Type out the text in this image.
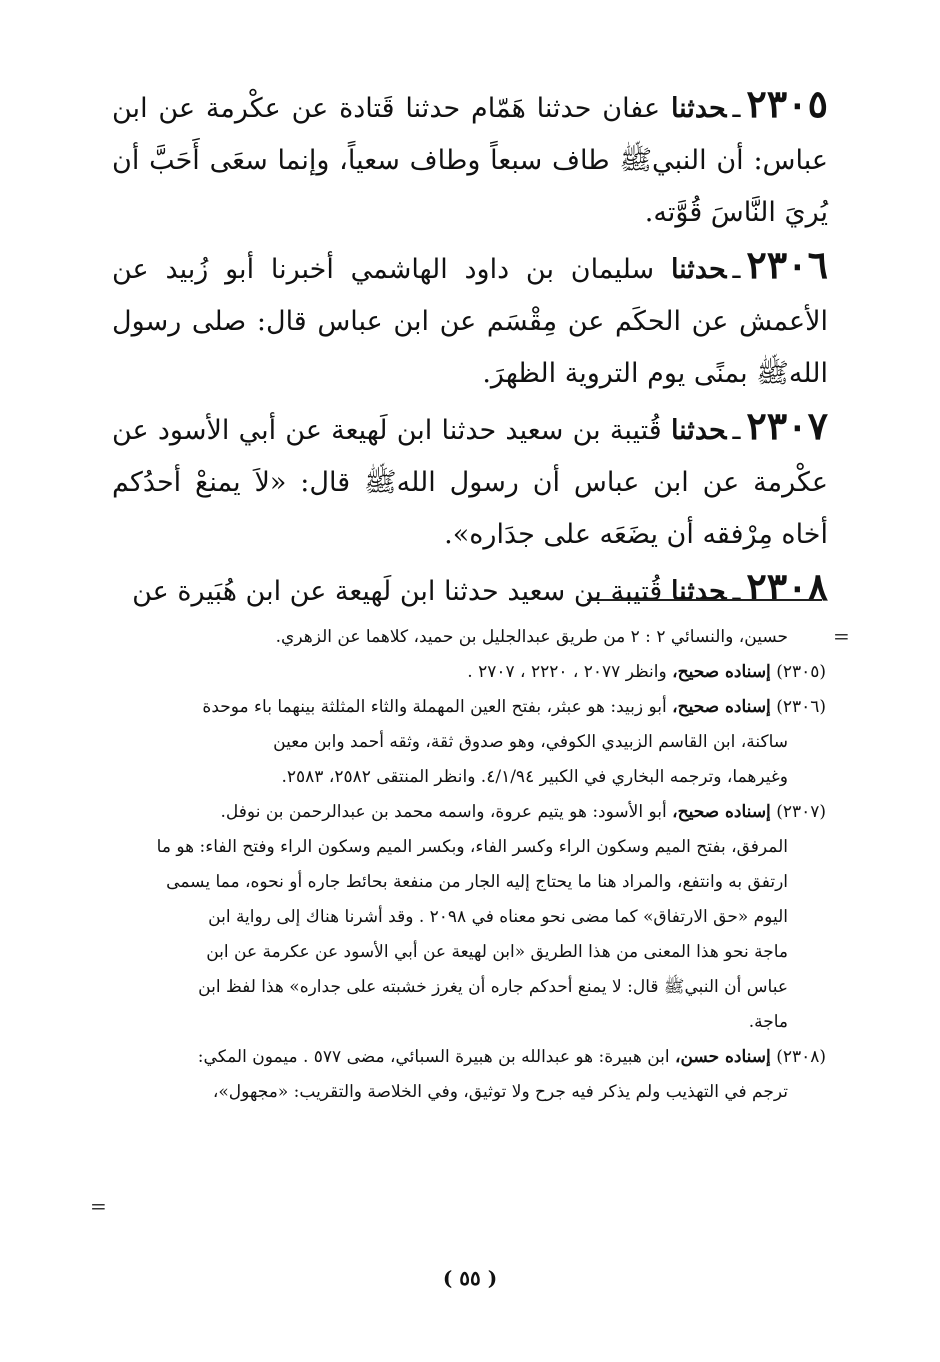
٢٣٠٥ـحدثنا عفان حدثنا هَمّام حدثنا قَتادة عن عكْرمة عن ابن عباس: أن النبيﷺ طاف سبعاً وطاف سعياً، وإنما سعَى أَحَبَّ أن يُريَ النَّاسَ قُوَّته.

٢٣٠٦ـحدثنا سليمان بن داود الهاشمي أخبرنا أبو زُبيد عن الأعمش عن الحكَم عن مِقْسَم عن ابن عباس قال: صلى رسول اللهﷺ بمنًى يوم التروية الظهرَ.

٢٣٠٧ـحدثنا قُتيبة بن سعيد حدثنا ابن لَهيعة عن أبي الأسود عن عكْرمة عن ابن عباس أن رسول اللهﷺ قال: «لاَ يمنعْ أحدُكم أخاه مِرْفقه أن يضَعَه على جدَاره».

٢٣٠٨ـحدثنا قُتيبة بن سعيد حدثنا ابن لَهيعة عن ابن هُبَيرة عن

=

حسين، والنسائي ٢ : ٢ من طريق عبدالجليل بن حميد، كلاهما عن الزهري.

(٢٣٠٥) إسناده صحيح، وانظر ٢٠٧٧ ، ٢٢٢٠ ، ٢٧٠٧ .

(٢٣٠٦) إسناده صحيح، أبو زبيد: هو عبثر، بفتح العين المهملة والثاء المثلثة بينهما باء موحدة

ساكنة، ابن القاسم الزبيدي الكوفي، وهو صدوق ثقة، وثقه أحمد وابن معين

وغيرهما، وترجمه البخاري في الكبير ٤/١/٩٤. وانظر المنتقى ٢٥٨٢، ٢٥٨٣.

(٢٣٠٧) إسناده صحيح، أبو الأسود: هو يتيم عروة، واسمه محمد بن عبدالرحمن بن نوفل.

المرفق، بفتح الميم وسكون الراء وكسر الفاء، وبكسر الميم وسكون الراء وفتح الفاء: هو ما

ارتفق به وانتفع، والمراد هنا ما يحتاج إليه الجار من منفعة بحائط جاره أو نحوه، مما يسمى

اليوم «حق الارتفاق» كما مضى نحو معناه في ٢٠٩٨ . وقد أشرنا هناك إلى رواية ابن

ماجة نحو هذا المعنى من هذا الطريق «ابن لهيعة عن أبي الأسود عن عكرمة عن ابن

عباس أن النبيﷺ قال: لا يمنع أحدكم جاره أن يغرز خشبته على جداره» هذا لفظ ابن

ماجة.

(٢٣٠٨) إسناده حسن، ابن هبيرة: هو عبدالله بن هبيرة السبائي، مضى ٥٧٧ . ميمون المكي:

ترجم في التهذيب ولم يذكر فيه جرح ولا توثيق، وفي الخلاصة والتقريب: «مجهول»،

=
( ٥٥ )
